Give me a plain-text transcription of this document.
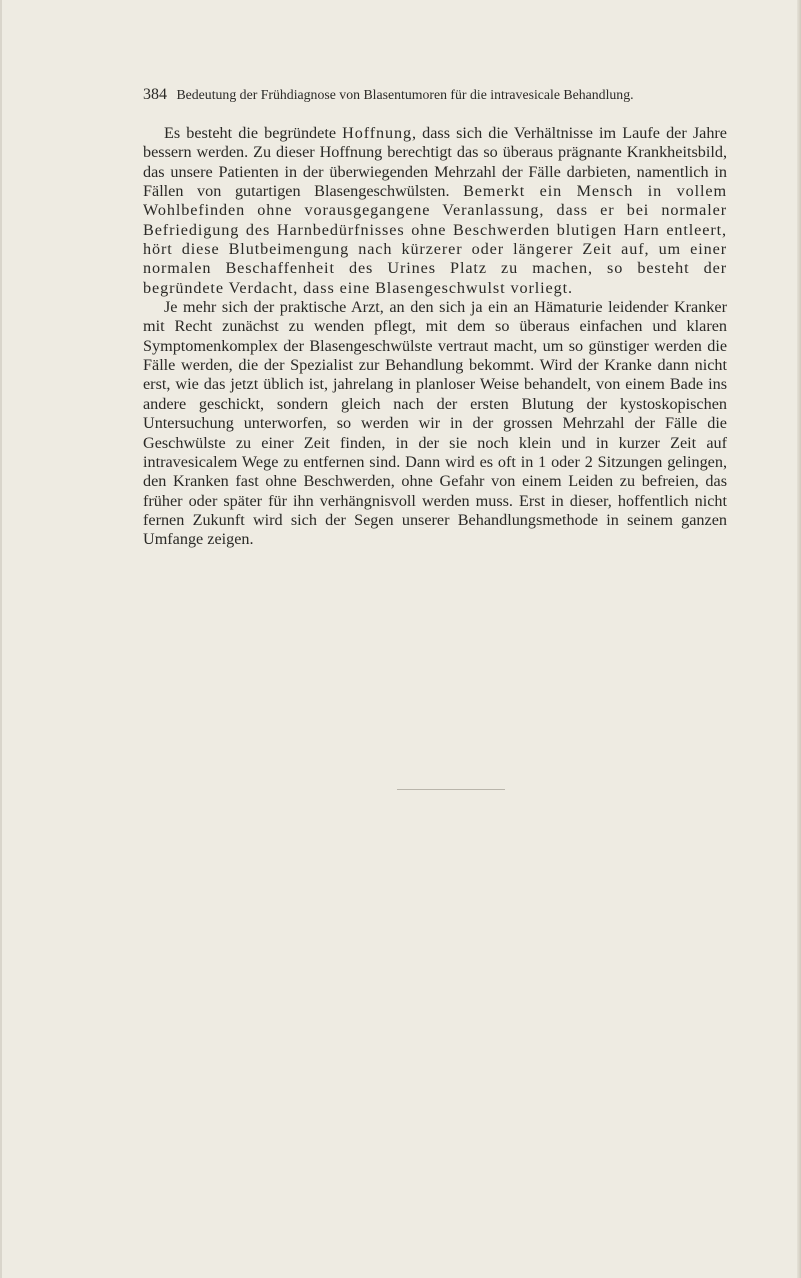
384 Bedeutung der Frühdiagnose von Blasentumoren für die intravesicale Behandlung.

Es besteht die begründete Hoffnung, dass sich die Verhältnisse im Laufe der Jahre bessern werden. Zu dieser Hoffnung berechtigt das so überaus prägnante Krankheitsbild, das unsere Patienten in der überwiegenden Mehrzahl der Fälle darbieten, namentlich in Fällen von gutartigen Blasengeschwülsten. Bemerkt ein Mensch in vollem Wohlbefinden ohne vorausgegangene Veranlassung, dass er bei normaler Befriedigung des Harnbedürfnisses ohne Beschwerden blutigen Harn entleert, hört diese Blutbeimengung nach kürzerer oder längerer Zeit auf, um einer normalen Beschaffenheit des Urines Platz zu machen, so besteht der begründete Verdacht, dass eine Blasengeschwulst vorliegt.

Je mehr sich der praktische Arzt, an den sich ja ein an Hämaturie leidender Kranker mit Recht zunächst zu wenden pflegt, mit dem so überaus einfachen und klaren Symptomenkomplex der Blasengeschwülste vertraut macht, um so günstiger werden die Fälle werden, die der Spezialist zur Behandlung bekommt. Wird der Kranke dann nicht erst, wie das jetzt üblich ist, jahrelang in planloser Weise behandelt, von einem Bade ins andere geschickt, sondern gleich nach der ersten Blutung der kystoskopischen Untersuchung unterworfen, so werden wir in der grossen Mehrzahl der Fälle die Geschwülste zu einer Zeit finden, in der sie noch klein und in kurzer Zeit auf intravesicalem Wege zu entfernen sind. Dann wird es oft in 1 oder 2 Sitzungen gelingen, den Kranken fast ohne Beschwerden, ohne Gefahr von einem Leiden zu befreien, das früher oder später für ihn verhängnisvoll werden muss. Erst in dieser, hoffentlich nicht fernen Zukunft wird sich der Segen unserer Behandlungsmethode in seinem ganzen Umfange zeigen.
